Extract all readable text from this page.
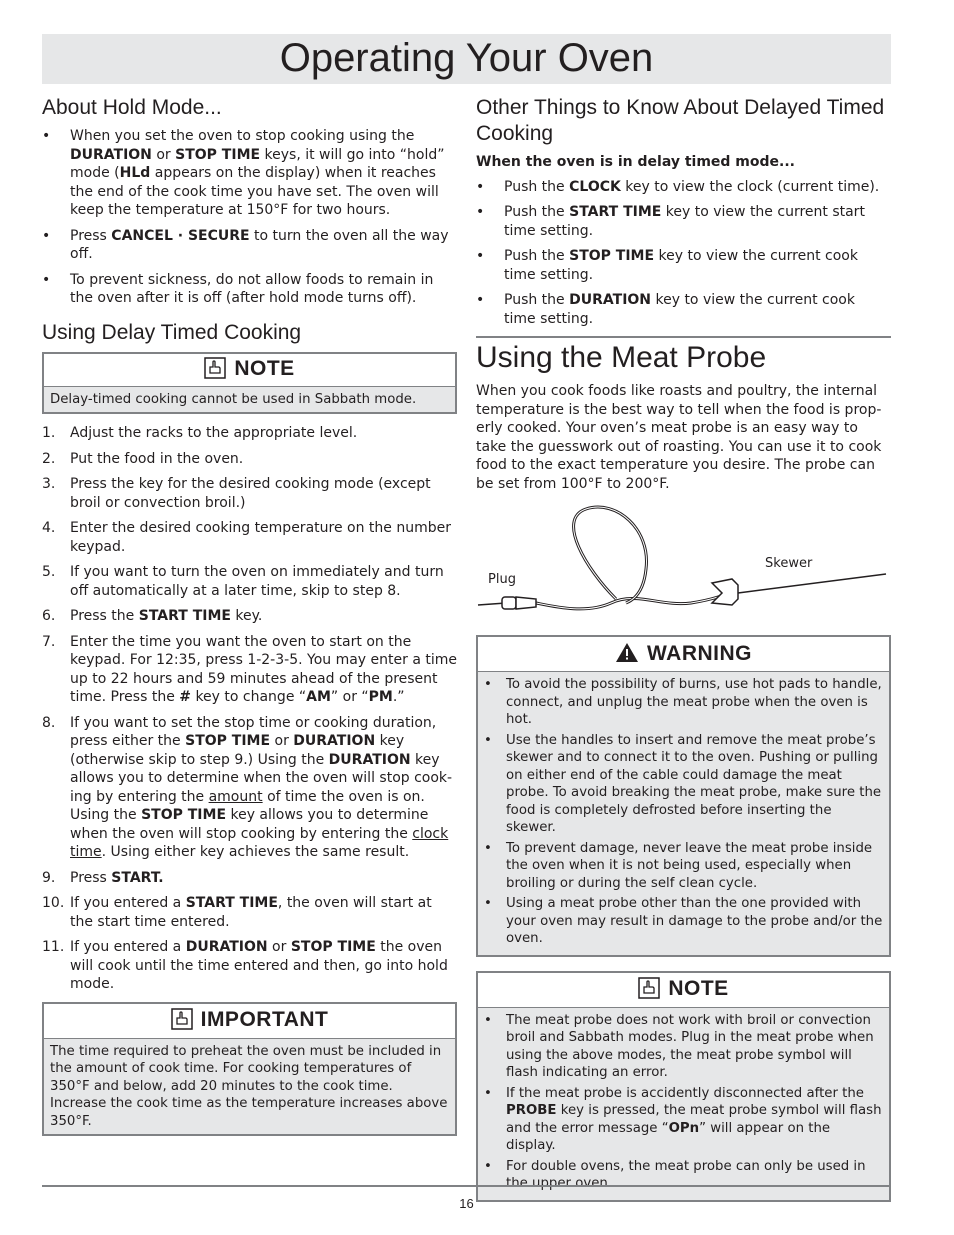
Operating Your Oven
About Hold Mode...
• When you set the oven to stop cooking using the DURATION or STOP TIME keys, it will go into “hold” mode (HLd appears on the display) when it reaches the end of the cook time you have set. The oven will keep the temperature at 150°F for two hours.
• Press CANCEL · SECURE to turn the oven all the way off.
• To prevent sickness, do not allow foods to remain in the oven after it is off (after hold mode turns off).
Using Delay Timed Cooking
NOTE
Delay-timed cooking cannot be used in Sabbath mode.
1. Adjust the racks to the appropriate level.
2. Put the food in the oven.
3. Press the key for the desired cooking mode (except broil or convection broil.)
4. Enter the desired cooking temperature on the number keypad.
5. If you want to turn the oven on immediately and turn off automatically at a later time, skip to step 8.
6. Press the START TIME key.
7. Enter the time you want the oven to start on the keypad. For 12:35, press 1-2-3-5. You may enter a time up to 22 hours and 59 minutes ahead of the present time. Press the # key to change “AM” or “PM.”
8. If you want to set the stop time or cooking duration, press either the STOP TIME or DURATION key (otherwise skip to step 9.) Using the DURATION key allows you to determine when the oven will stop cook-ing by entering the amount of time the oven is on. Using the STOP TIME key allows you to determine when the oven will stop cooking by entering the clock time. Using either key achieves the same result.
9. Press START.
10. If you entered a START TIME, the oven will start at the start time entered.
11. If you entered a DURATION or STOP TIME the oven will cook until the time entered and then, go into hold mode.
IMPORTANT
The time required to preheat the oven must be included in the amount of cook time. For cooking temperatures of 350°F and below, add 20 minutes to the cook time. Increase the cook time as the temperature increases above 350°F.
Other Things to Know About Delayed Timed Cooking
When the oven is in delay timed mode...
• Push the CLOCK key to view the clock (current time).
• Push the START TIME key to view the current start time setting.
• Push the STOP TIME key to view the current cook time setting.
• Push the DURATION key to view the current cook time setting.
Using the Meat Probe

When you cook foods like roasts and poultry, the internal temperature is the best way to tell when the food is prop-erly cooked. Your oven’s meat probe is an easy way to take the guesswork out of roasting. You can use it to cook food to the exact temperature you desire. The probe can be set from 100°F to 200°F.

Plug
Skewer
WARNING
• To avoid the possibility of burns, use hot pads to handle, connect, and unplug the meat probe when the oven is hot.
• Use the handles to insert and remove the meat probe’s skewer and to connect it to the oven. Pushing or pulling on either end of the cable could damage the meat probe. To avoid breaking the meat probe, make sure the food is completely defrosted before inserting the skewer.
• To prevent damage, never leave the meat probe inside the oven when it is not being used, especially when broiling or during the self clean cycle.
• Using a meat probe other than the one provided with your oven may result in damage to the probe and/or the oven.
NOTE
• The meat probe does not work with broil or convection broil and Sabbath modes. Plug in the meat probe when using the above modes, the meat probe symbol will flash indicating an error.
• If the meat probe is accidently disconnected after the PROBE key is pressed, the meat probe symbol will flash and the error message “OPn” will appear on the display.
• For double ovens, the meat probe can only be used in the upper oven.
16
